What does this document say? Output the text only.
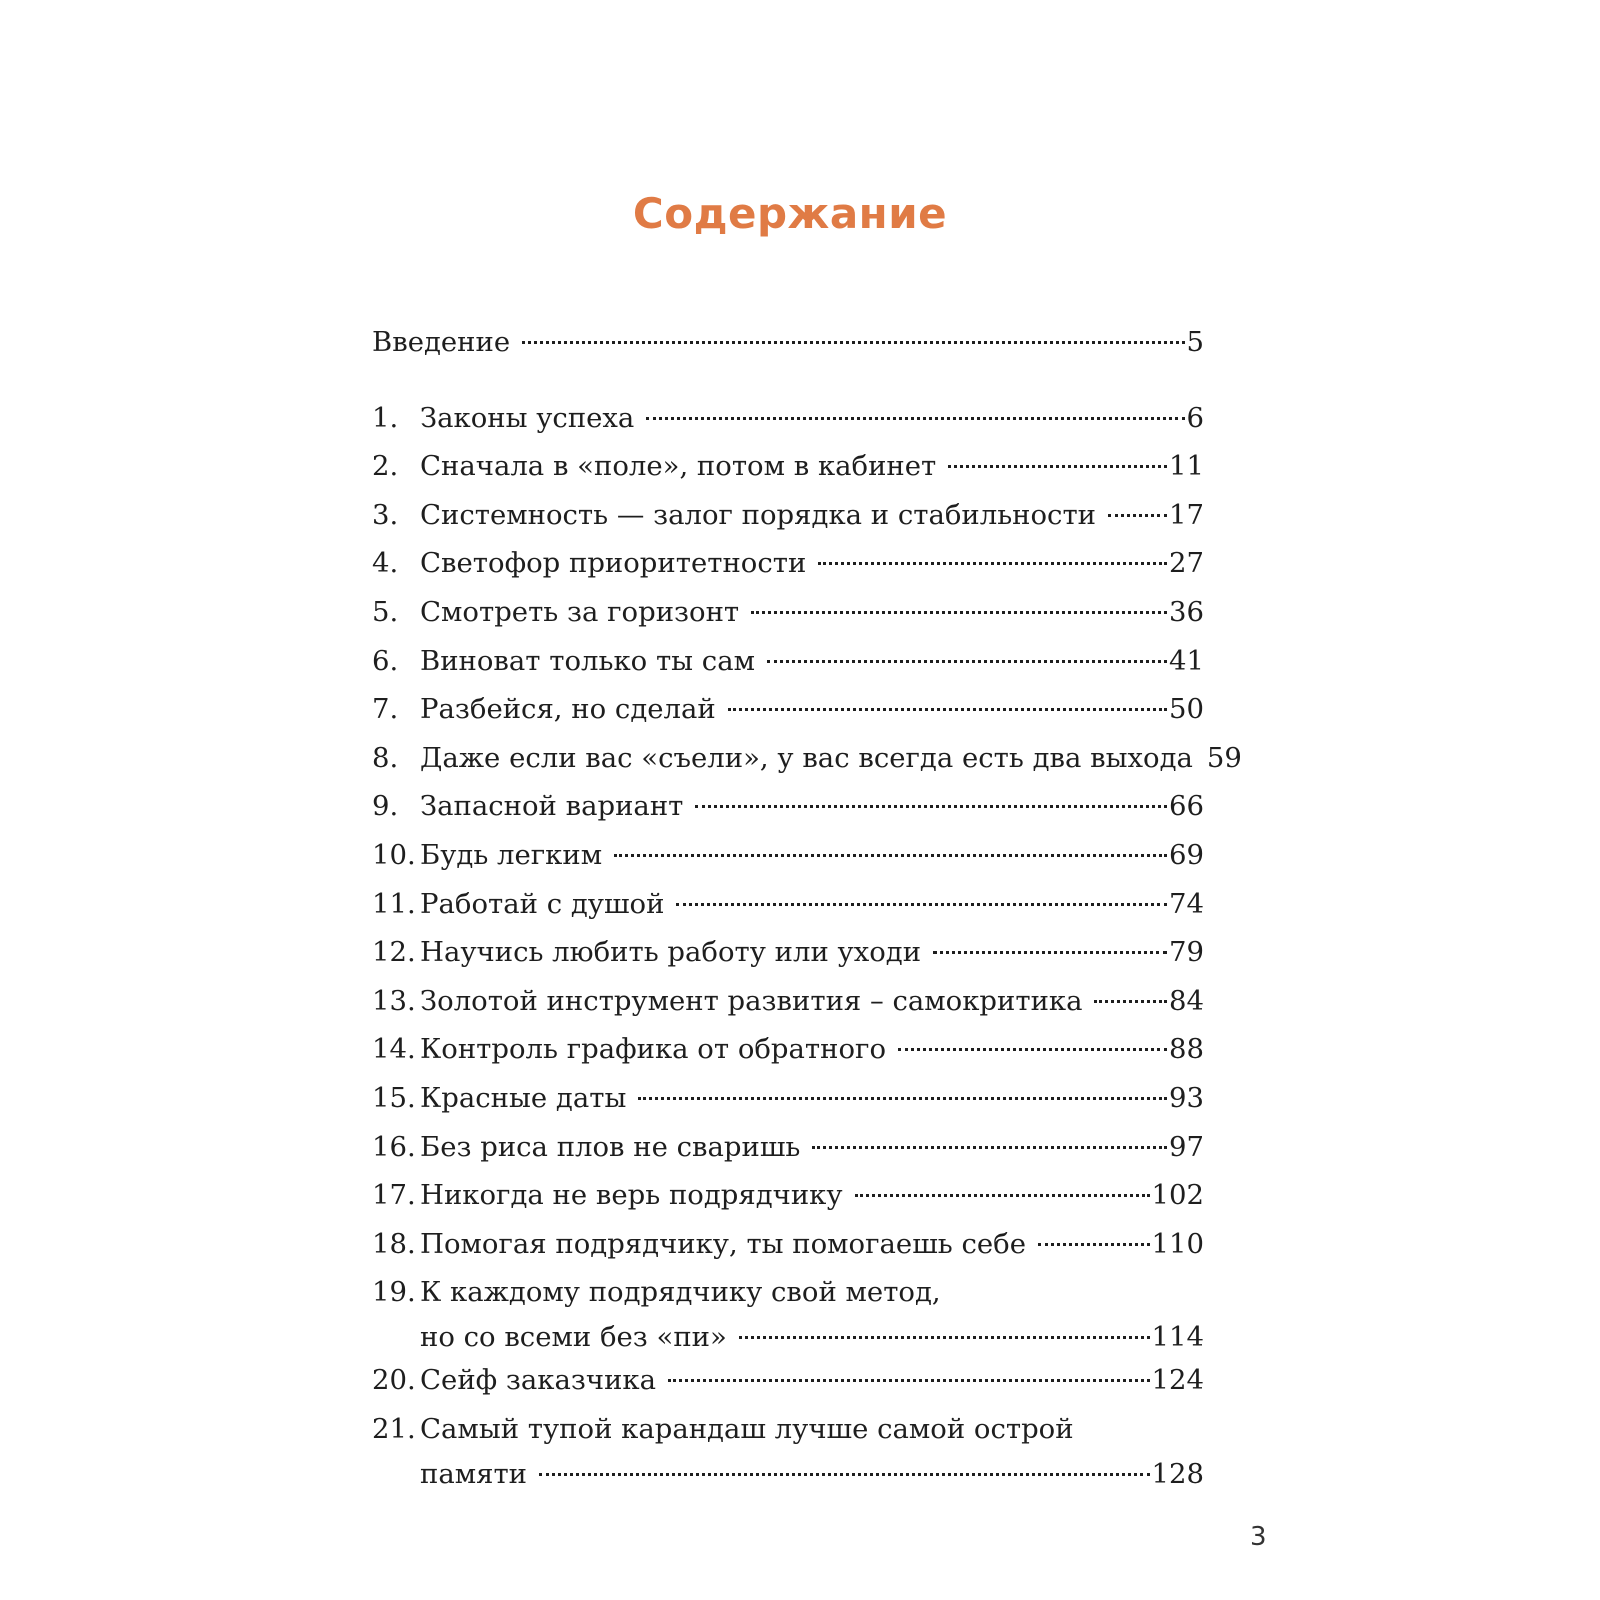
Содержание
Введение	5
1. Законы успеха	6
2. Сначала в «поле», потом в кабинет	11
3. Системность — залог порядка и стабильности	17
4. Светофор приоритетности	27
5. Смотреть за горизонт	36
6. Виноват только ты сам	41
7. Разбейся, но сделай	50
8. Даже если вас «съели», у вас всегда есть два выхода 59
9. Запасной вариант	66
10. Будь легким	69
11. Работай с душой	74
12. Научись любить работу или уходи	79
13. Золотой инструмент развития – самокритика	84
14. Контроль графика от обратного	88
15. Красные даты	93
16. Без риса плов не сваришь	97
17. Никогда не верь подрядчику	102
18. Помогая подрядчику, ты помогаешь себе	110
19. К каждому подрядчику свой метод,
но со всеми без «пи»	114
20. Сейф заказчика	124
21. Самый тупой карандаш лучше самой острой
памяти	128
3
